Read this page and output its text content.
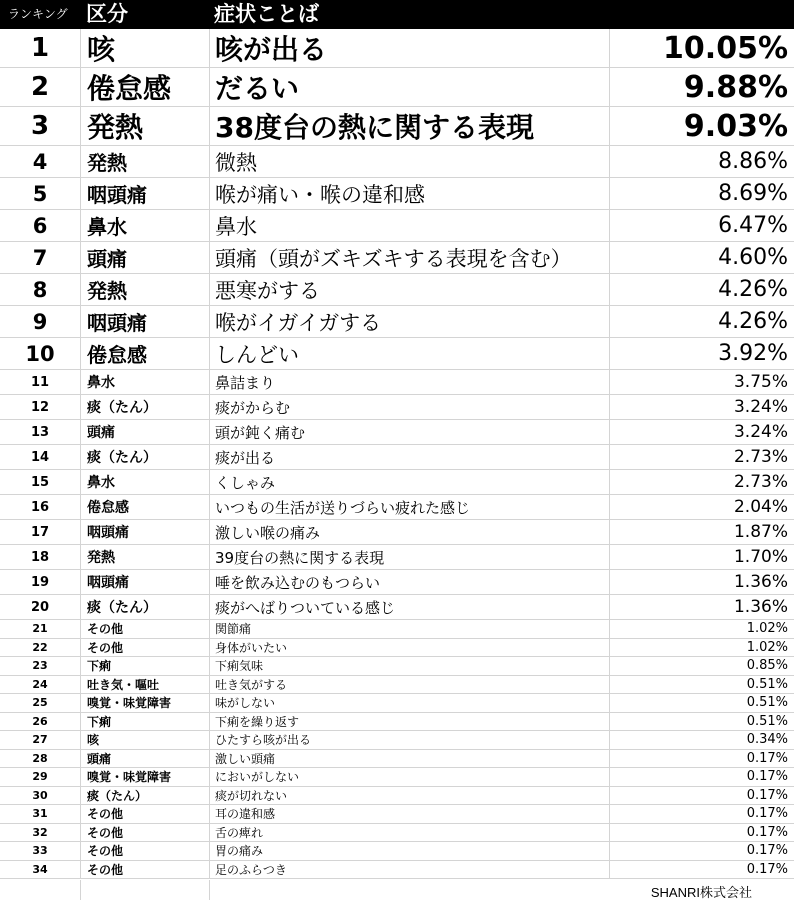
ランキング 区分	症状ことば
1	咳	咳が出る	10.05%
2	倦怠感	だるい	9.88%
3	発熱	38度台の熱に関する表現	9.03%
4	発熱	微熱	8.86%
5	咽頭痛	喉が痛い・喉の違和感	8.69%
6	鼻水	鼻水	6.47%
7	頭痛	頭痛（頭がズキズキする表現を含む）	4.60%
8	発熱	悪寒がする	4.26%
9	咽頭痛	喉がイガイガする	4.26%
10	倦怠感	しんどい	3.92%
11	鼻水	鼻詰まり	3.75%
12	痰（たん）	痰がからむ	3.24%
13	頭痛	頭が鈍く痛む	3.24%
14	痰（たん）	痰が出る	2.73%
15	鼻水	くしゃみ	2.73%
16	倦怠感	いつもの生活が送りづらい疲れた感じ	2.04%
17	咽頭痛	激しい喉の痛み	1.87%
18	発熱	39度台の熱に関する表現	1.70%
19	咽頭痛	唾を飲み込むのもつらい	1.36%
20	痰（たん）	痰がへばりついている感じ	1.36%
21	その他	関節痛	1.02%
22	その他	身体がいたい	1.02%
23	下痢	下痢気味	0.85%
24	吐き気・嘔吐	吐き気がする	0.51%
25	嗅覚・味覚障害	味がしない	0.51%
26	下痢	下痢を繰り返す	0.51%
27	咳	ひたすら咳が出る	0.34%
28	頭痛	激しい頭痛	0.17%
29	嗅覚・味覚障害	においがしない	0.17%
30	痰（たん）	痰が切れない	0.17%
31	その他	耳の違和感	0.17%
32	その他	舌の痺れ	0.17%
33	その他	胃の痛み	0.17%
34	その他	足のふらつき	0.17%
SHANRI株式会社
